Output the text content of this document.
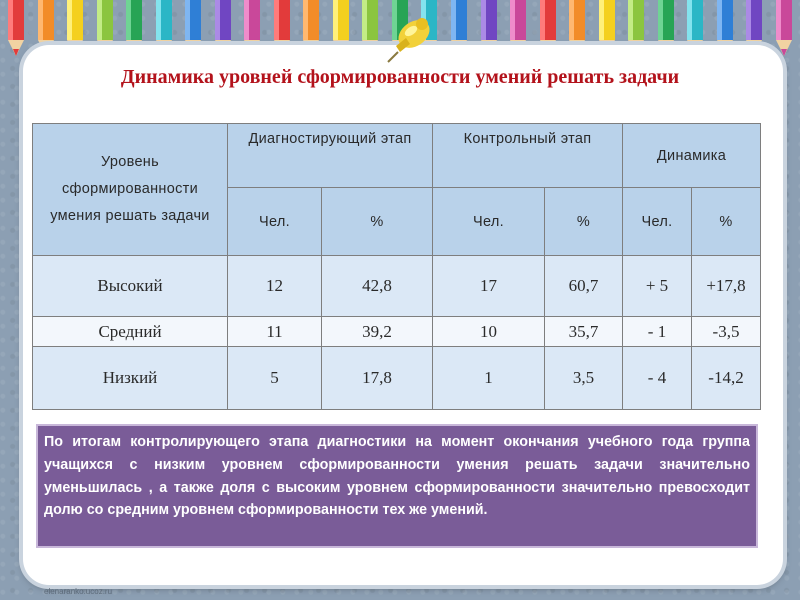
Динамика уровней сформированности умений решать задачи
Уровень сформированности умения решать задачи	Диагностирующий этап		Контрольный этап		Динамика	
	Чел.	%	Чел.	%	Чел.	%
Высокий	12	42,8	17	60,7	+ 5	+17,8
Средний	11	39,2	10	35,7	- 1	-3,5
Низкий	5	17,8	1	3,5	- 4	-14,2
По итогам контролирующего этапа диагностики на момент окончания учебного года группа учащихся с низким уровнем сформированности умения решать задачи значительно уменьшилась , а также доля с высоким уровнем сформированности значительно превосходит долю со средним уровнем сформированности тех же умений.
elenaranko.ucoz.ru
